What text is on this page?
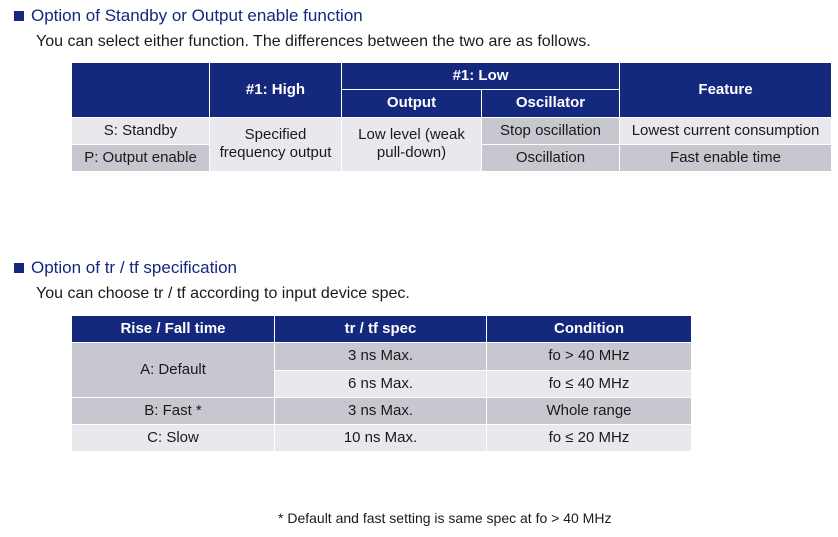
Option of Standby or Output enable function
You can select either function. The differences between the two are as follows.
	#1: High	#1: Low		Feature
		Output	Oscillator	
S: Standby	Specified frequency output	Low level (weak pull-down)	Stop oscillation	Lowest current consumption
P: Output enable			Oscillation	Fast enable time
Option of tr / tf specification
You can choose tr / tf according to input device spec.
Rise / Fall time	tr / tf spec	Condition
A: Default	3 ns Max.	fo > 40 MHz
	6 ns Max.	fo ≤ 40 MHz
B: Fast *	3 ns Max.	Whole range
C: Slow	10 ns Max.	fo ≤ 20 MHz
* Default and fast setting is same spec at fo > 40 MHz
